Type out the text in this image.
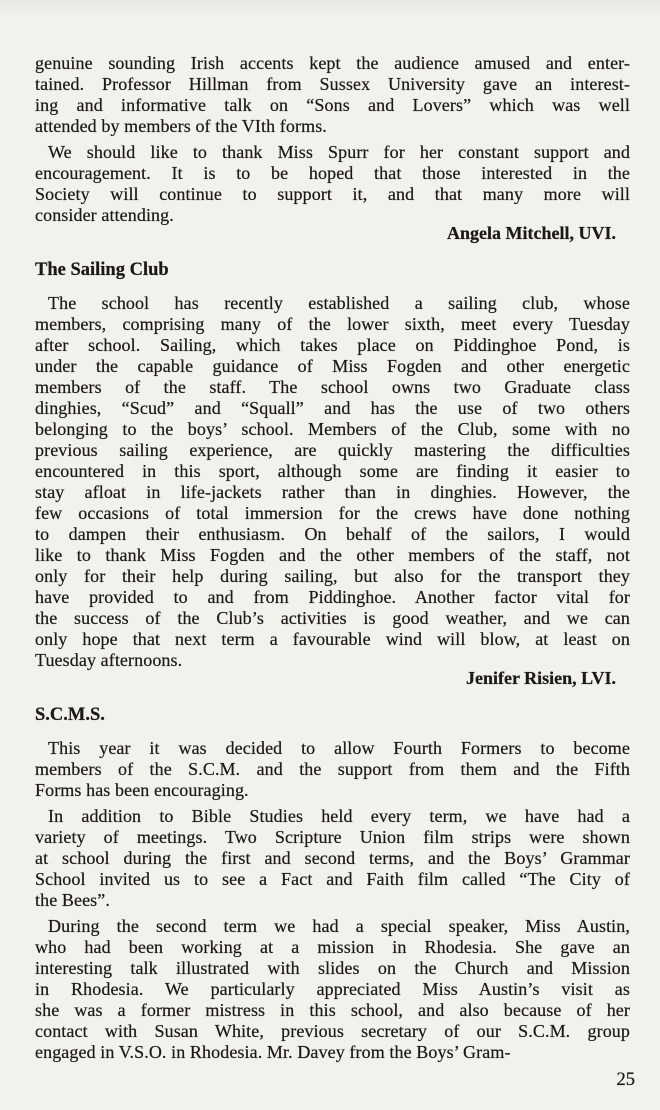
genuine sounding Irish accents kept the audience amused and enter-
tained. Professor Hillman from Sussex University gave an interest-
ing and informative talk on “Sons and Lovers” which was well
attended by members of the VIth forms.
We should like to thank Miss Spurr for her constant support and
encouragement. It is to be hoped that those interested in the
Society will continue to support it, and that many more will
consider attending.
Angela Mitchell, UVI.
The Sailing Club
The school has recently established a sailing club, whose
members, comprising many of the lower sixth, meet every Tuesday
after school. Sailing, which takes place on Piddinghoe Pond, is
under the capable guidance of Miss Fogden and other energetic
members of the staff. The school owns two Graduate class
dinghies, “Scud” and “Squall” and has the use of two others
belonging to the boys’ school. Members of the Club, some with no
previous sailing experience, are quickly mastering the difficulties
encountered in this sport, although some are finding it easier to
stay afloat in life-jackets rather than in dinghies. However, the
few occasions of total immersion for the crews have done nothing
to dampen their enthusiasm. On behalf of the sailors, I would
like to thank Miss Fogden and the other members of the staff, not
only for their help during sailing, but also for the transport they
have provided to and from Piddinghoe. Another factor vital for
the success of the Club’s activities is good weather, and we can
only hope that next term a favourable wind will blow, at least on
Tuesday afternoons.
Jenifer Risien, LVI.
S.C.M.S.
This year it was decided to allow Fourth Formers to become
members of the S.C.M. and the support from them and the Fifth
Forms has been encouraging.
In addition to Bible Studies held every term, we have had a
variety of meetings. Two Scripture Union film strips were shown
at school during the first and second terms, and the Boys’ Grammar
School invited us to see a Fact and Faith film called “The City of
the Bees”.
During the second term we had a special speaker, Miss Austin,
who had been working at a mission in Rhodesia. She gave an
interesting talk illustrated with slides on the Church and Mission
in Rhodesia. We particularly appreciated Miss Austin’s visit as
she was a former mistress in this school, and also because of her
contact with Susan White, previous secretary of our S.C.M. group
engaged in V.S.O. in Rhodesia. Mr. Davey from the Boys’ Gram-
25
